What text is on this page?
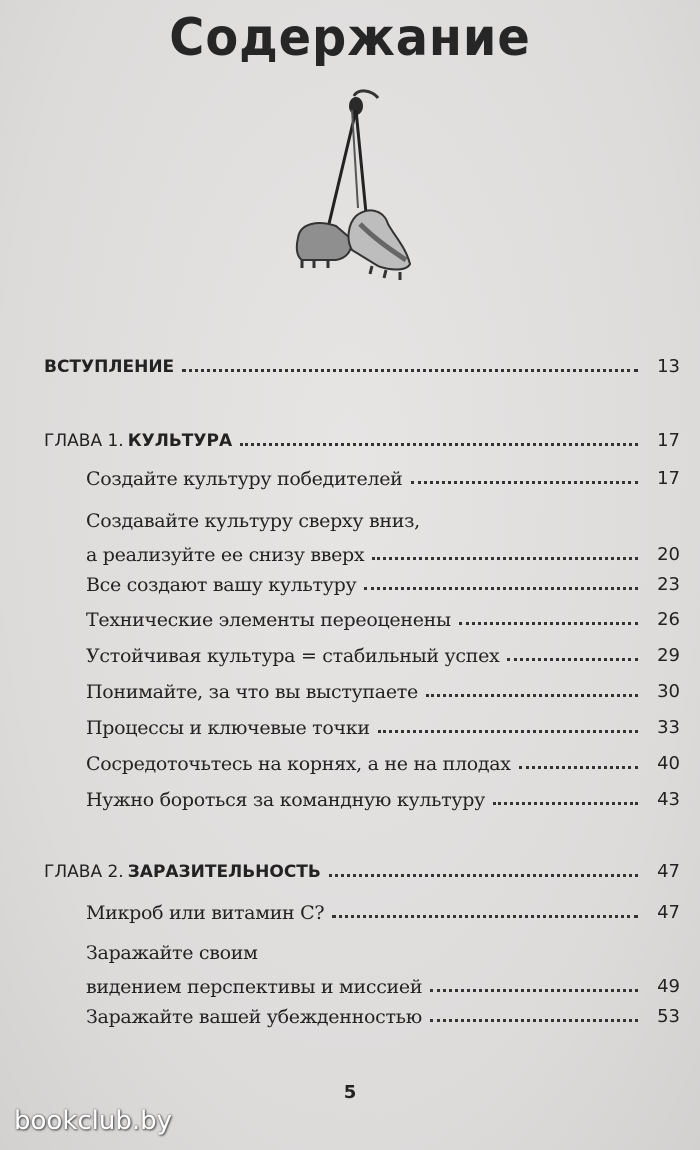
Содержание
ВСТУПЛЕНИЕ	13
ГЛАВА 1. КУЛЬТУРА	17
Создайте культуру победителей	17
Создавайте культуру сверху вниз,
а реализуйте ее снизу вверх	20
Все создают вашу культуру	23
Технические элементы переоценены	26
Устойчивая культура = стабильный успех	29
Понимайте, за что вы выступаете	30
Процессы и ключевые точки	33
Сосредоточьтесь на корнях, а не на плодах	40
Нужно бороться за командную культуру	43
ГЛАВА 2. ЗАРАЗИТЕЛЬНОСТЬ	47
Микроб или витамин С?	47
Заражайте своим
видением перспективы и миссией	49
Заражайте вашей убежденностью	53
5
bookclub.by
